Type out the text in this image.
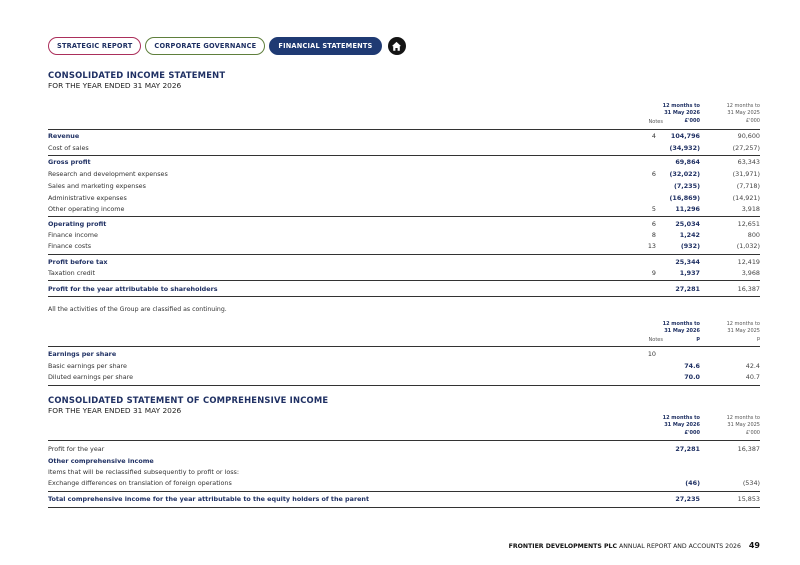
STRATEGIC REPORT	CORPORATE GOVERNANCE	FINANCIAL STATEMENTS
CONSOLIDATED INCOME STATEMENT
FOR THE YEAR ENDED 31 MAY 2026
Notes
12 months to
31 May 2026
£'000
12 months to
31 May 2025
£'000
Revenue	4	104,796	90,600
Cost of sales	(34,932)	(27,257)
Gross profit	69,864	63,343
Research and development expenses	6	(32,022)	(31,971)
Sales and marketing expenses	(7,235)	(7,718)
Administrative expenses	(16,869)	(14,921)
Other operating income	5	11,296	3,918
Operating profit	6	25,034	12,651
Finance income	8	1,242	800
Finance costs	13	(932)	(1,032)
Profit before tax	25,344	12,419
Taxation credit	9	1,937	3,968
Profit for the year attributable to shareholders	27,281	16,387
All the activities of the Group are classified as continuing.
Notes
12 months to
31 May 2026
p
12 months to
31 May 2025
p
Earnings per share	10
Basic earnings per share	74.6	42.4
Diluted earnings per share	70.0	40.7
CONSOLIDATED STATEMENT OF COMPREHENSIVE INCOME
FOR THE YEAR ENDED 31 MAY 2026
12 months to
31 May 2026
£'000
12 months to
31 May 2025
£'000
Profit for the year	27,281	16,387
Other comprehensive income
Items that will be reclassified subsequently to profit or loss:
Exchange differences on translation of foreign operations	(46)	(534)
Total comprehensive income for the year attributable to the equity holders of the parent	27,235	15,853
FRONTIER DEVELOPMENTS PLC ANNUAL REPORT AND ACCOUNTS 2026 49
